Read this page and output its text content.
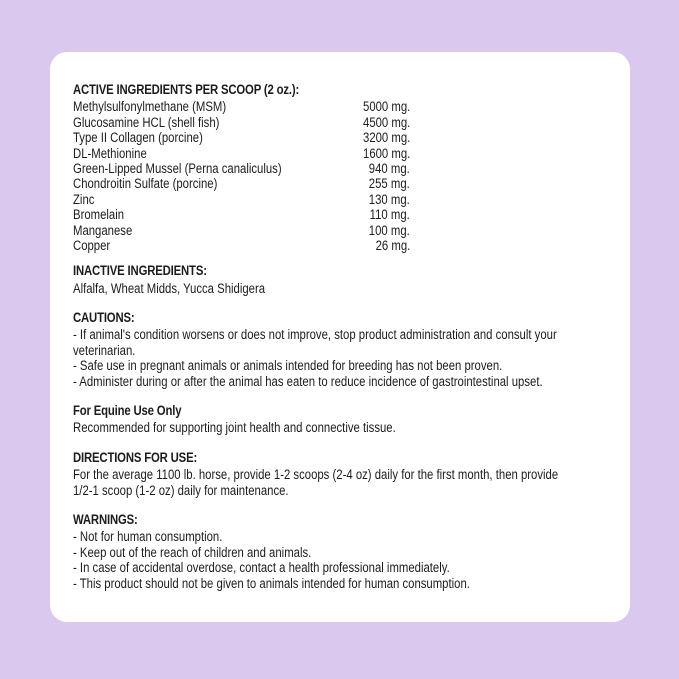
ACTIVE INGREDIENTS PER SCOOP (2 oz.):
Methylsulfonylmethane (MSM)	5000 mg.
Glucosamine HCL (shell fish)	4500 mg.
Type II Collagen (porcine)	3200 mg.
DL-Methionine	1600 mg.
Green-Lipped Mussel (Perna canaliculus)	940 mg.
Chondroitin Sulfate (porcine)	255 mg.
Zinc	130 mg.
Bromelain	110 mg.
Manganese	100 mg.
Copper	26 mg.
INACTIVE INGREDIENTS:
Alfalfa, Wheat Midds, Yucca Shidigera
CAUTIONS:
- If animal's condition worsens or does not improve, stop product administration and consult your
veterinarian.
- Safe use in pregnant animals or animals intended for breeding has not been proven.
- Administer during or after the animal has eaten to reduce incidence of gastrointestinal upset.
For Equine Use Only
Recommended for supporting joint health and connective tissue.
DIRECTIONS FOR USE:
For the average 1100 lb. horse, provide 1-2 scoops (2-4 oz) daily for the first month, then provide
1/2-1 scoop (1-2 oz) daily for maintenance.
WARNINGS:
- Not for human consumption.
- Keep out of the reach of children and animals.
- In case of accidental overdose, contact a health professional immediately.
- This product should not be given to animals intended for human consumption.
